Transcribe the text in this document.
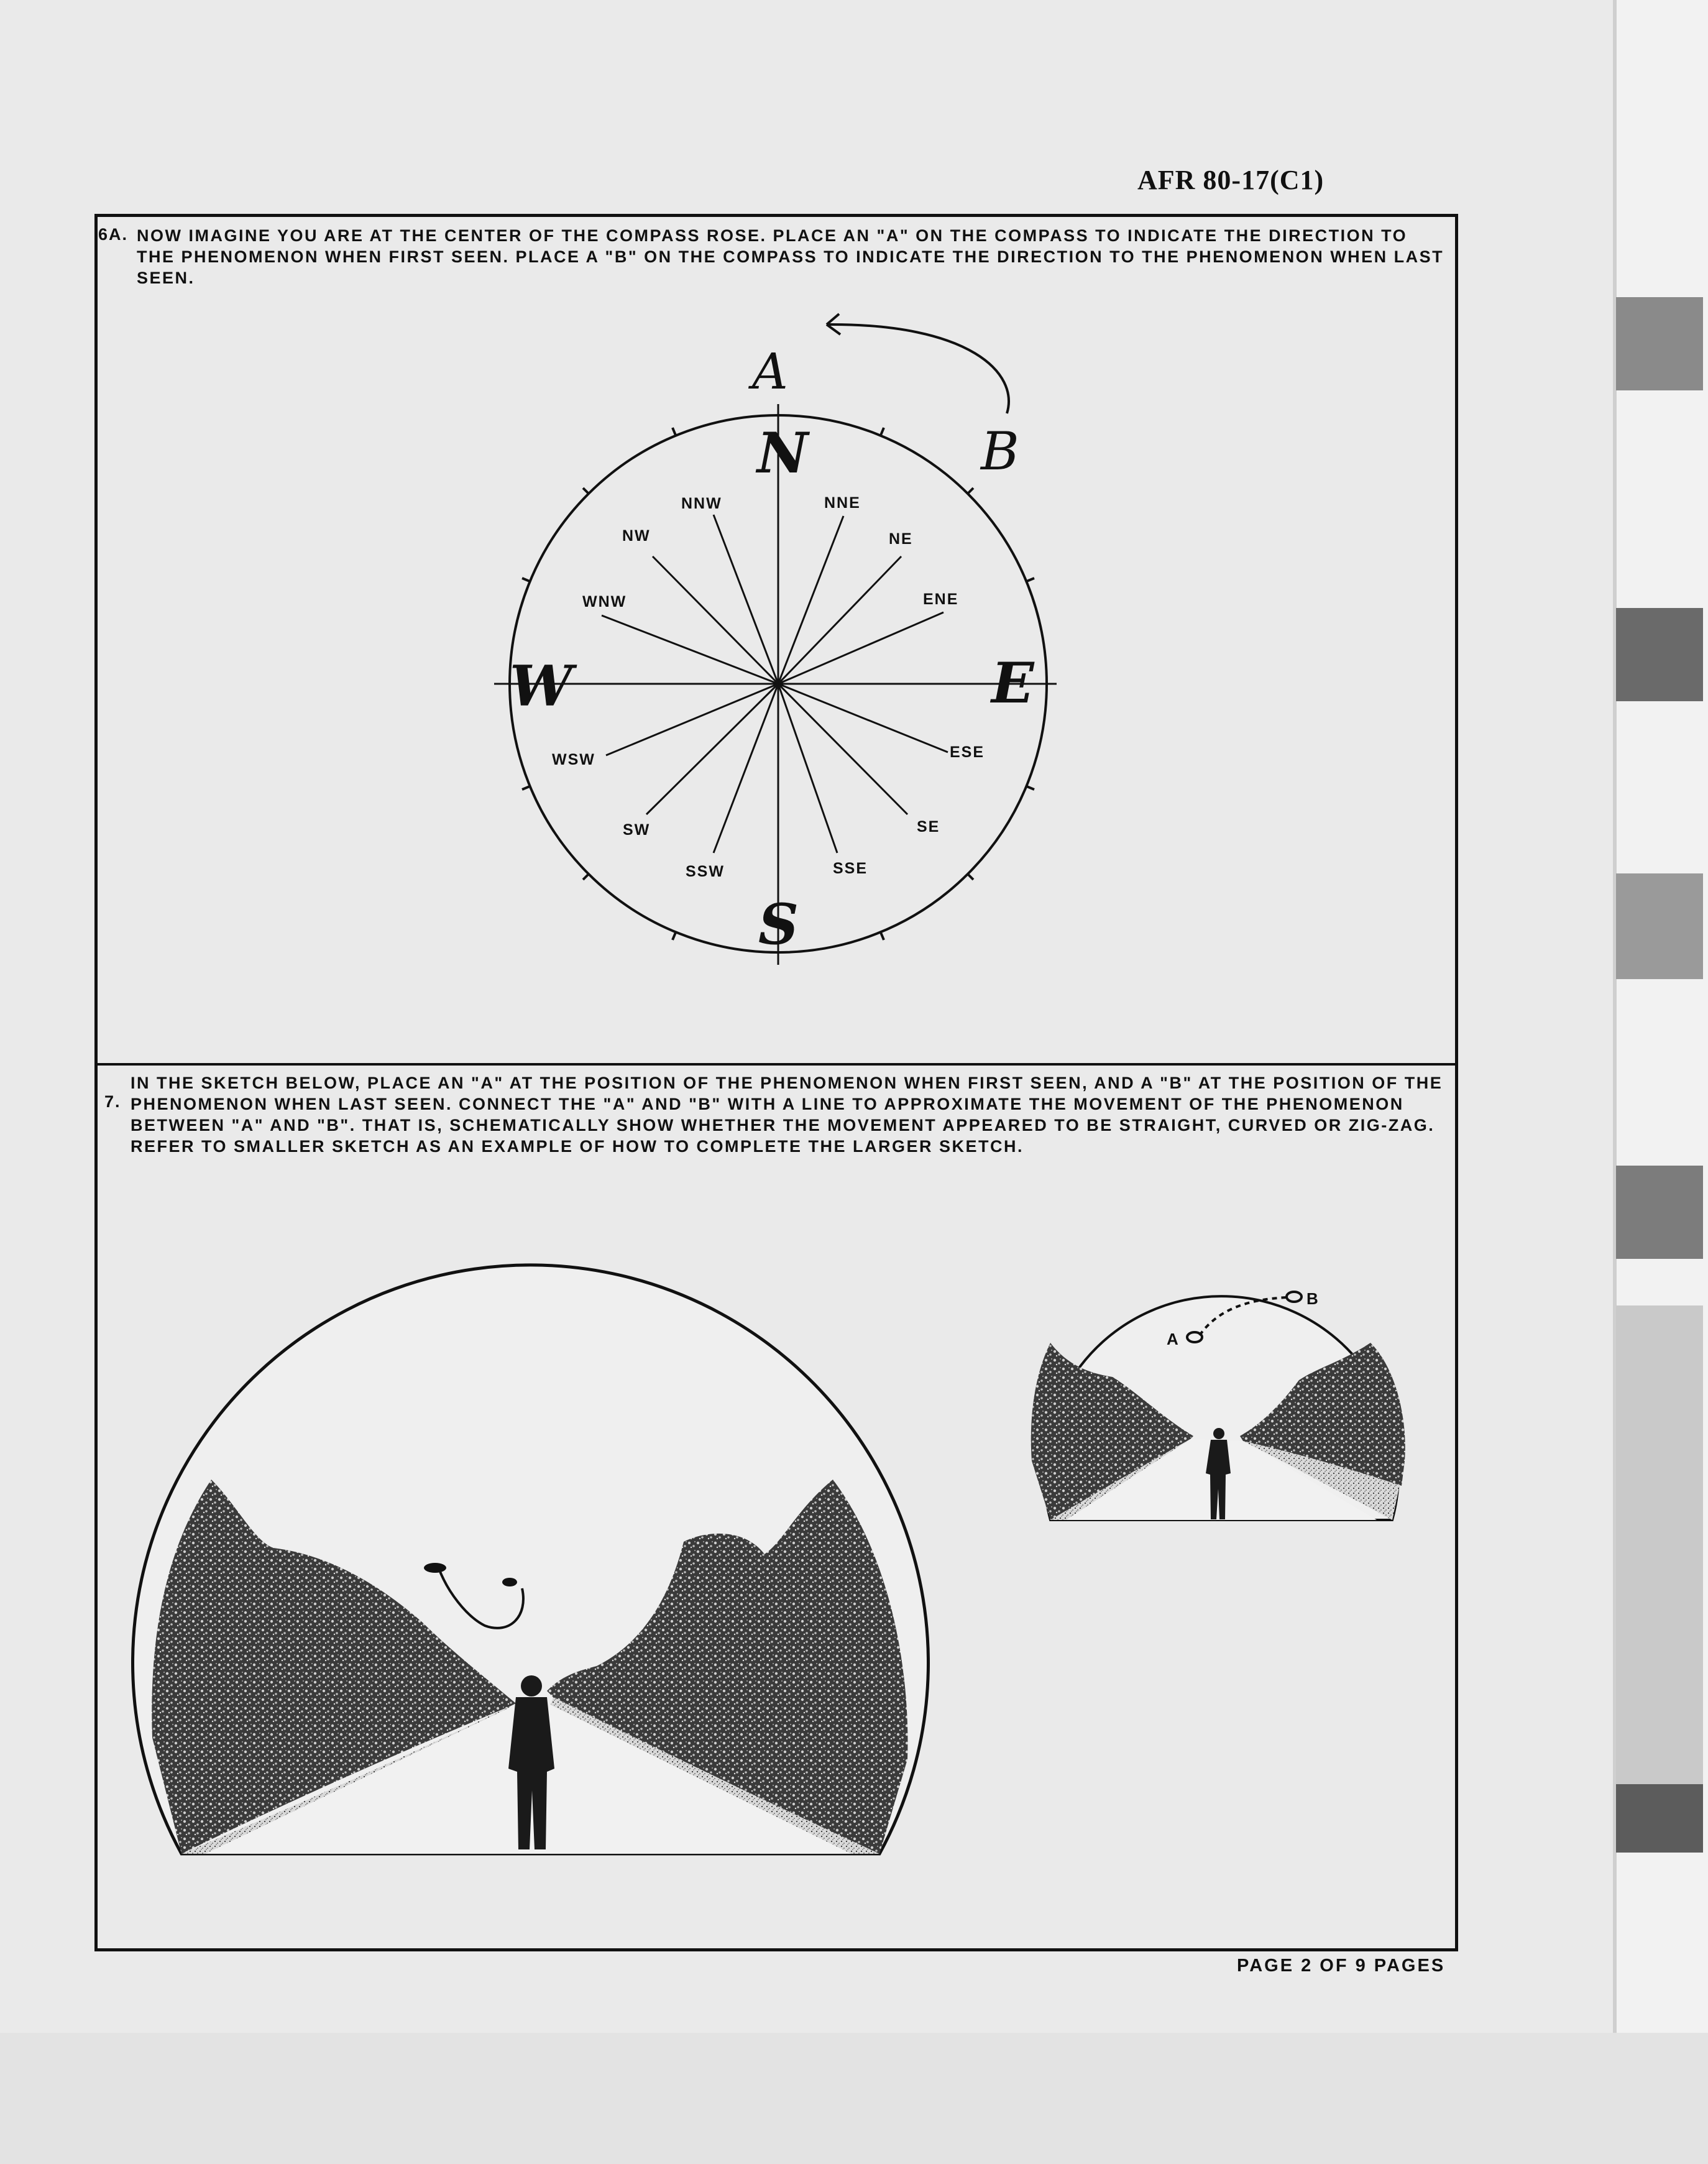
AFR 80-17(C1)
6A. NOW IMAGINE YOU ARE AT THE CENTER OF THE COMPASS ROSE. PLACE AN "A" ON THE COMPASS TO INDICATE THE DIRECTION TO THE PHENOMENON WHEN FIRST SEEN. PLACE A "B" ON THE COMPASS TO INDICATE THE DIRECTION TO THE PHENOMENON WHEN LAST SEEN.
7.
IN THE SKETCH BELOW, PLACE AN "A" AT THE POSITION OF THE PHENOMENON WHEN FIRST SEEN, AND A "B" AT THE POSITION OF THE PHENOMENON WHEN LAST SEEN. CONNECT THE "A" AND "B" WITH A LINE TO APPROXIMATE THE MOVEMENT OF THE PHENOMENON BETWEEN "A" AND "B". THAT IS, SCHEMATICALLY SHOW WHETHER THE MOVEMENT APPEARED TO BE STRAIGHT, CURVED OR ZIG-ZAG. REFER TO SMALLER SKETCH AS AN EXAMPLE OF HOW TO COMPLETE THE LARGER SKETCH.
NNE
NE
ENE
ESE
SE
SSE
SSW
SW
WSW
WNW
NW
NNW
N
E
S
W
A
B
A
B
PAGE 2 OF 9 PAGES
